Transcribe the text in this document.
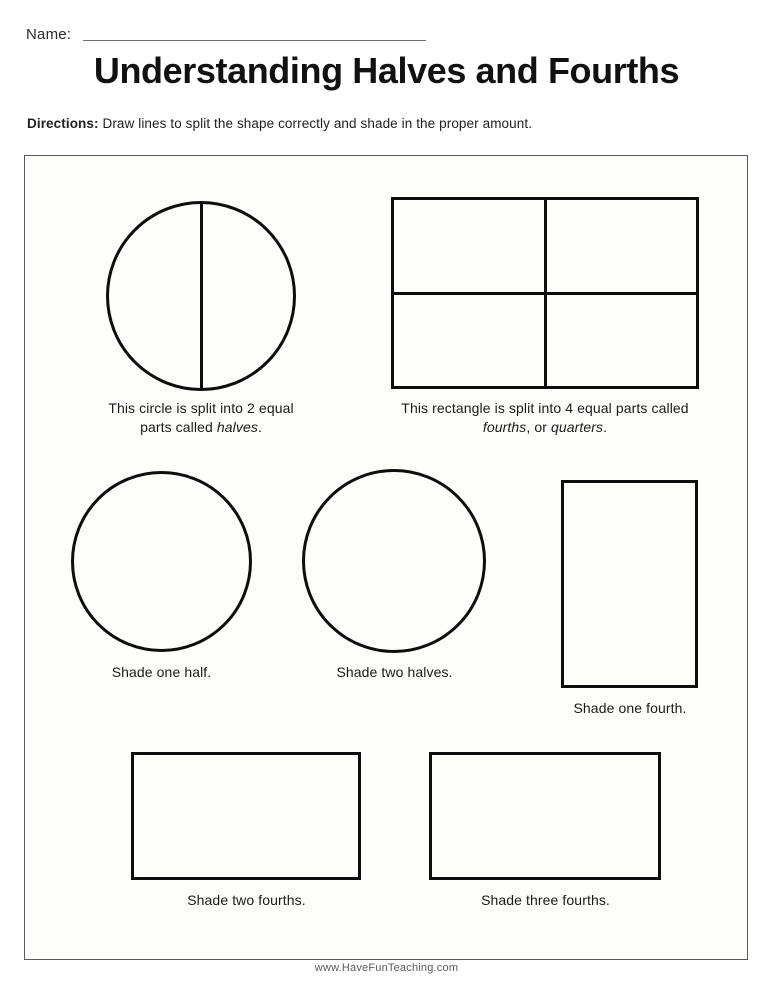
Name:
Understanding Halves and Fourths
Directions: Draw lines to split the shape correctly and shade in the proper amount.
This circle is split into 2 equal
parts called halves.
This rectangle is split into 4 equal parts called
fourths, or quarters.
Shade one half.	Shade two halves.
Shade one fourth.
Shade two fourths.	Shade three fourths.
www.HaveFunTeaching.com
